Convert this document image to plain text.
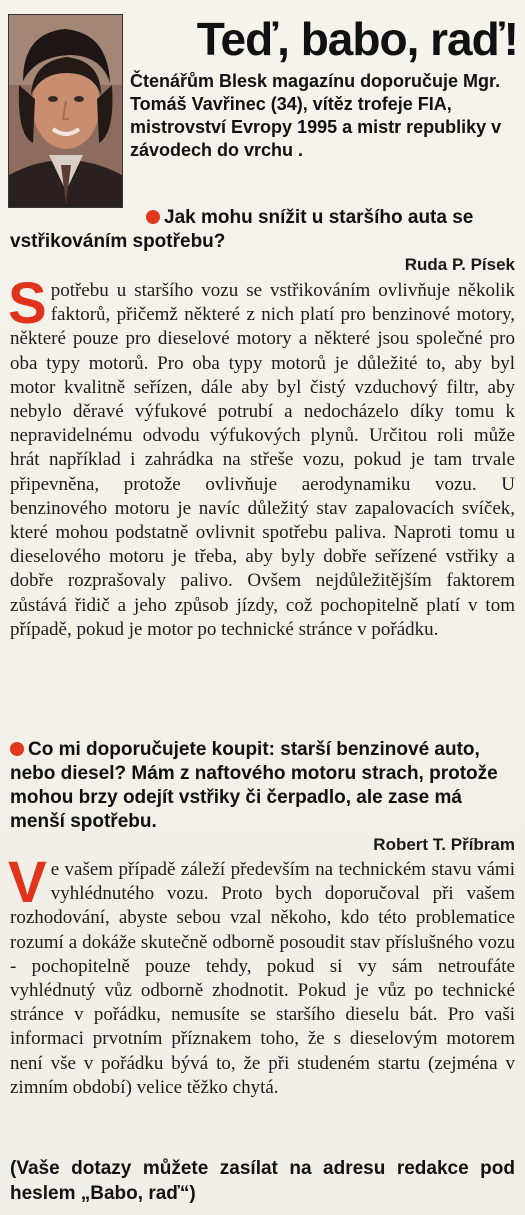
Teď, babo, raď!
Čtenářům Blesk magazínu doporučuje Mgr. Tomáš Vavřinec (34), vítěz trofeje FIA, mistrovství Evropy 1995 a mistr republiky v závodech do vrchu .
Jak mohu snížit u staršího auta se vstřikováním spotřebu?
Ruda P. Písek
Spotřebu u staršího vozu se vstřikováním ovlivňuje několik faktorů, přičemž některé z nich platí pro benzinové motory, některé pouze pro dieselové motory a některé jsou společné pro oba typy motorů. Pro oba typy motorů je důležité to, aby byl motor kvalitně seřízen, dále aby byl čistý vzduchový filtr, aby nebylo děravé výfukové potrubí a nedocházelo díky tomu k nepravidelnému odvodu výfukových plynů. Určitou roli může hrát například i zahrádka na střeše vozu, pokud je tam trvale připevněna, protože ovlivňuje aerodynamiku vozu. U benzinového motoru je navíc důležitý stav zapalovacích svíček, které mohou podstatně ovlivnit spotřebu paliva. Naproti tomu u dieselového motoru je třeba, aby byly dobře seřízené vstřiky a dobře rozprašovaly palivo. Ovšem nejdůležitějším faktorem zůstává řidič a jeho způsob jízdy, což pochopitelně platí v tom případě, pokud je motor po technické stránce v pořádku.
Co mi doporučujete koupit: starší benzinové auto, nebo diesel? Mám z naftového motoru strach, protože mohou brzy odejít vstřiky či čerpadlo, ale zase má menší spotřebu.
Robert T. Příbram
Ve vašem případě záleží především na technickém stavu vámi vyhlédnutého vozu. Proto bych doporučoval při vašem rozhodování, abyste sebou vzal někoho, kdo této problematice rozumí a dokáže skutečně odborně posoudit stav příslušného vozu - pochopitelně pouze tehdy, pokud si vy sám netroufáte vyhlédnutý vůz odborně zhodnotit. Pokud je vůz po technické stránce v pořádku, nemusíte se staršího dieselu bát. Pro vaši informaci prvotním příznakem toho, že s dieselovým motorem není vše v pořádku bývá to, že při studeném startu (zejména v zimním období) velice těžko chytá.
(Vaše dotazy můžete zasílat na adresu redakce pod heslem „Babo, raď“)
